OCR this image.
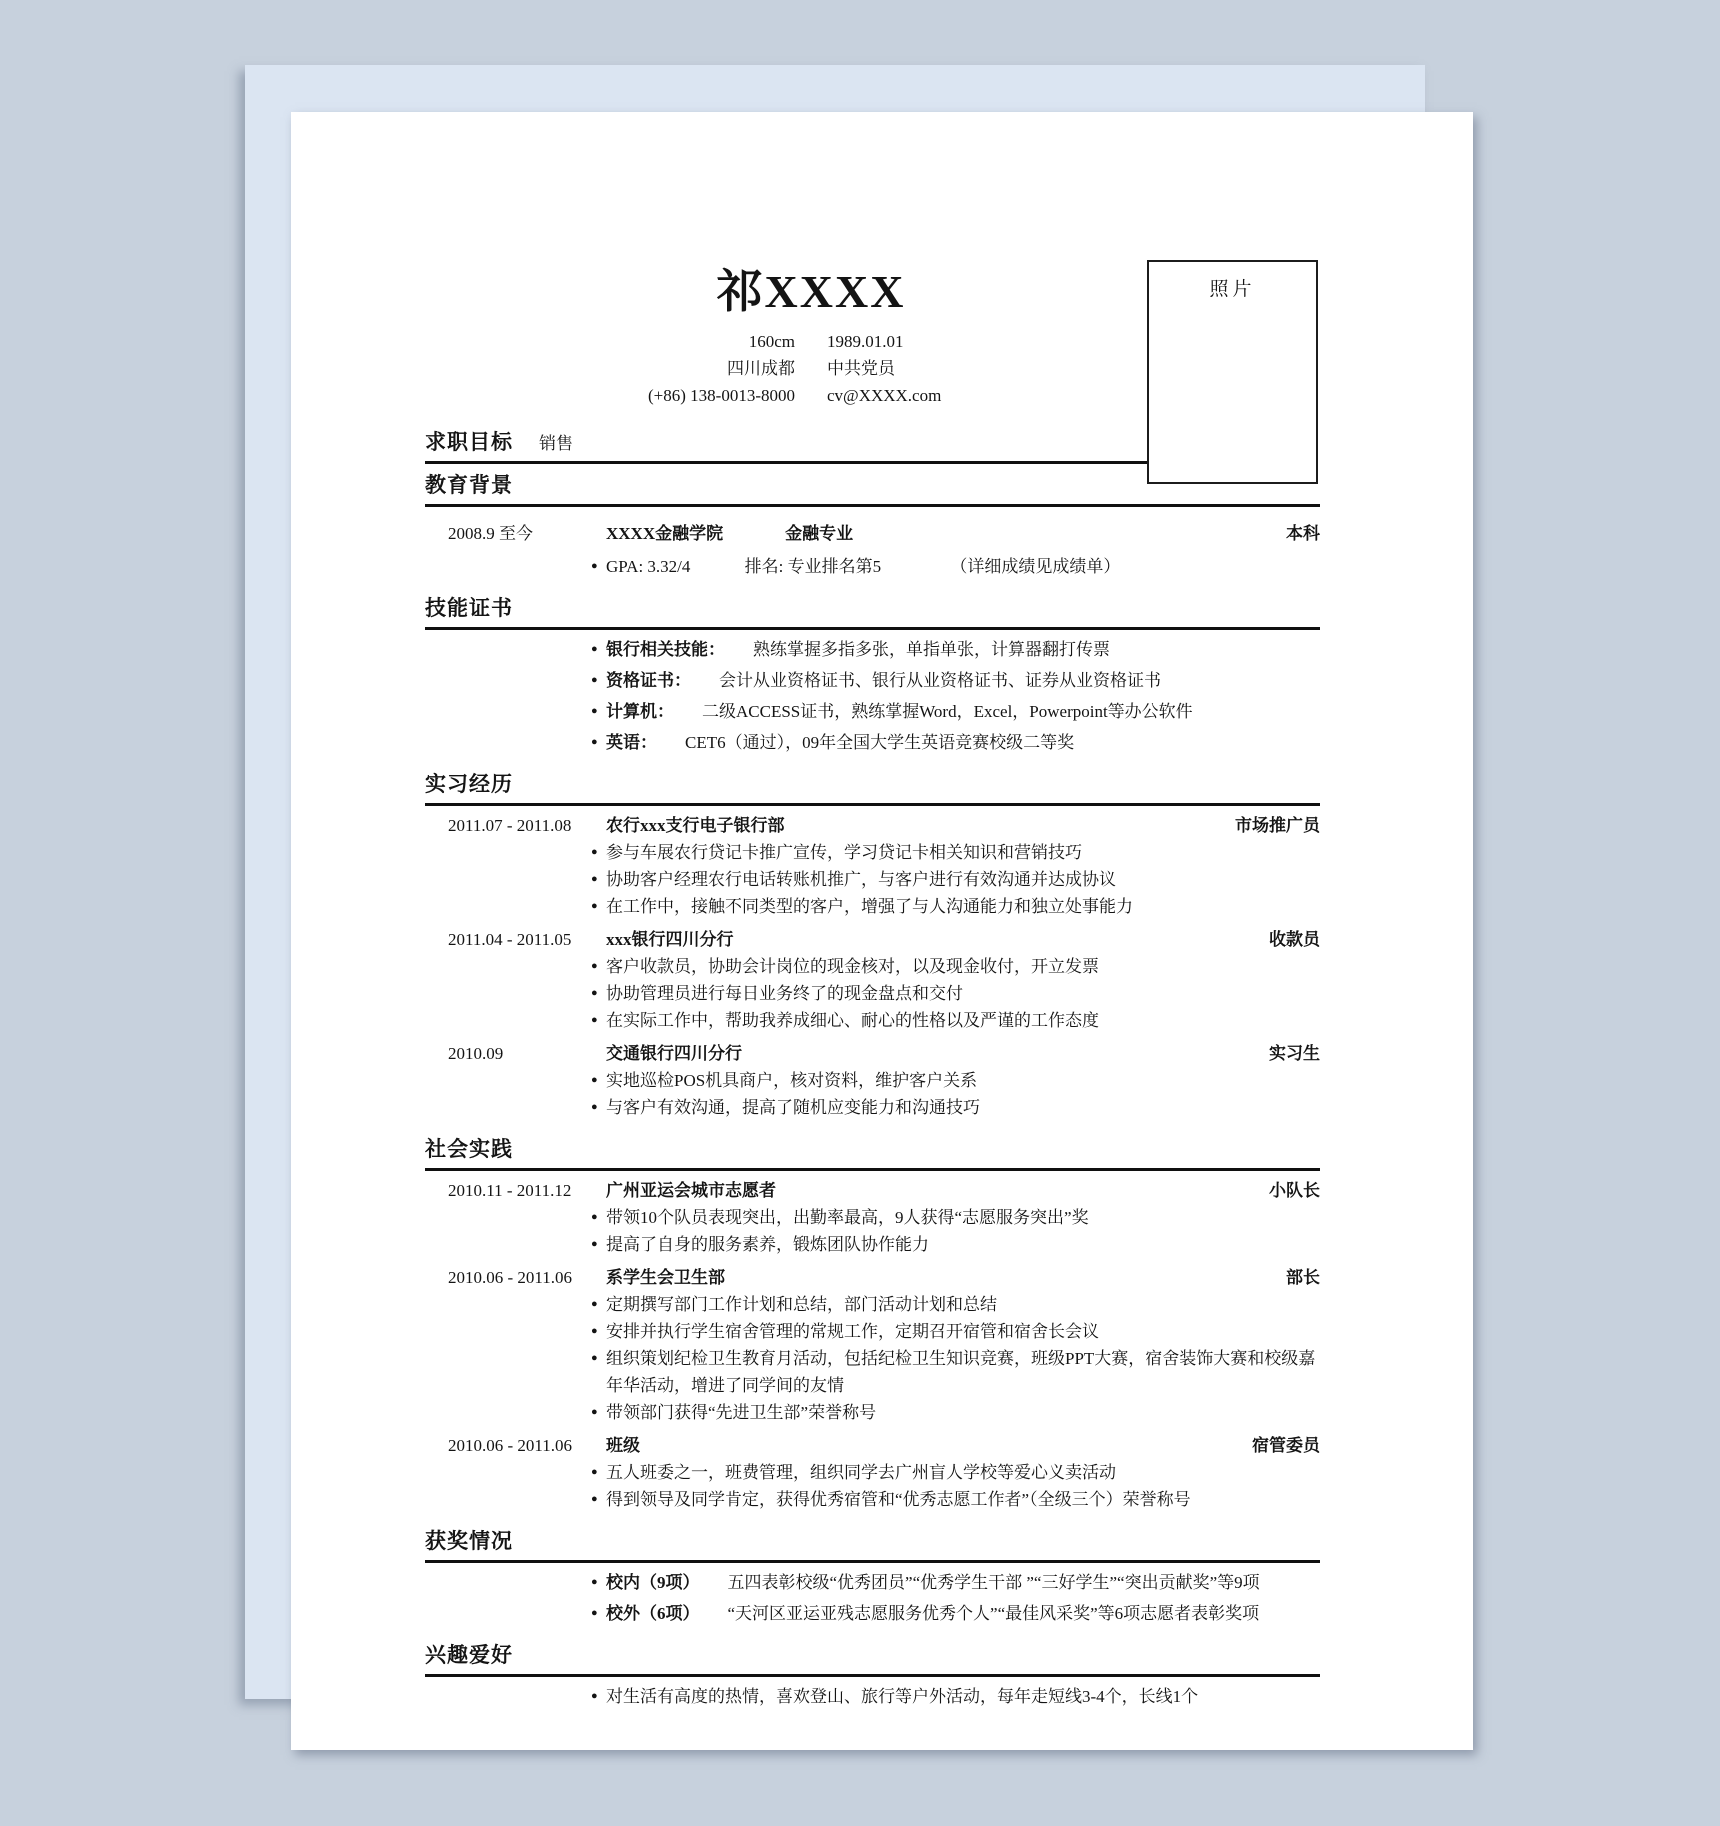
照片
祁XXXX
160cm 1989.01.01
四川成都 中共党员
(+86) 138-0013-8000 cv@XXXX.com
求职目标 销售
教育背景
2008.9 至今	XXXX金融学院	金融专业	本科
● GPA: 3.32/4	排名: 专业排名第5	（详细成绩见成绩单）
技能证书
● 银行相关技能： 熟练掌握多指多张，单指单张，计算器翻打传票
● 资格证书： 会计从业资格证书、银行从业资格证书、证券从业资格证书
● 计算机： 二级ACCESS证书，熟练掌握Word，Excel，Powerpoint等办公软件
● 英语： CET6（通过），09年全国大学生英语竞赛校级二等奖
实习经历
2011.07 - 2011.08	农行xxx支行电子银行部	市场推广员
● 参与车展农行贷记卡推广宣传，学习贷记卡相关知识和营销技巧
● 协助客户经理农行电话转账机推广，与客户进行有效沟通并达成协议
● 在工作中，接触不同类型的客户，增强了与人沟通能力和独立处事能力
2011.04 - 2011.05	xxx银行四川分行	收款员
● 客户收款员，协助会计岗位的现金核对，以及现金收付，开立发票
● 协助管理员进行每日业务终了的现金盘点和交付
● 在实际工作中，帮助我养成细心、耐心的性格以及严谨的工作态度
2010.09	交通银行四川分行	实习生
● 实地巡检POS机具商户，核对资料，维护客户关系
● 与客户有效沟通，提高了随机应变能力和沟通技巧
社会实践
2010.11 - 2011.12	广州亚运会城市志愿者	小队长
● 带领10个队员表现突出，出勤率最高，9人获得“志愿服务突出”奖
● 提高了自身的服务素养，锻炼团队协作能力
2010.06 - 2011.06	系学生会卫生部	部长
● 定期撰写部门工作计划和总结，部门活动计划和总结
● 安排并执行学生宿舍管理的常规工作，定期召开宿管和宿舍长会议
● 组织策划纪检卫生教育月活动，包括纪检卫生知识竞赛，班级PPT大赛，宿舍装饰大赛和校级嘉年华活动，增进了同学间的友情
● 带领部门获得“先进卫生部”荣誉称号
2010.06 - 2011.06	班级	宿管委员
● 五人班委之一，班费管理，组织同学去广州盲人学校等爱心义卖活动
● 得到领导及同学肯定，获得优秀宿管和“优秀志愿工作者”（全级三个）荣誉称号
获奖情况
● 校内（9项） 五四表彰校级“优秀团员”“优秀学生干部 ”“三好学生”“突出贡献奖”等9项
● 校外（6项） “天河区亚运亚残志愿服务优秀个人”“最佳风采奖”等6项志愿者表彰奖项
兴趣爱好
● 对生活有高度的热情，喜欢登山、旅行等户外活动，每年走短线3-4个，长线1个
